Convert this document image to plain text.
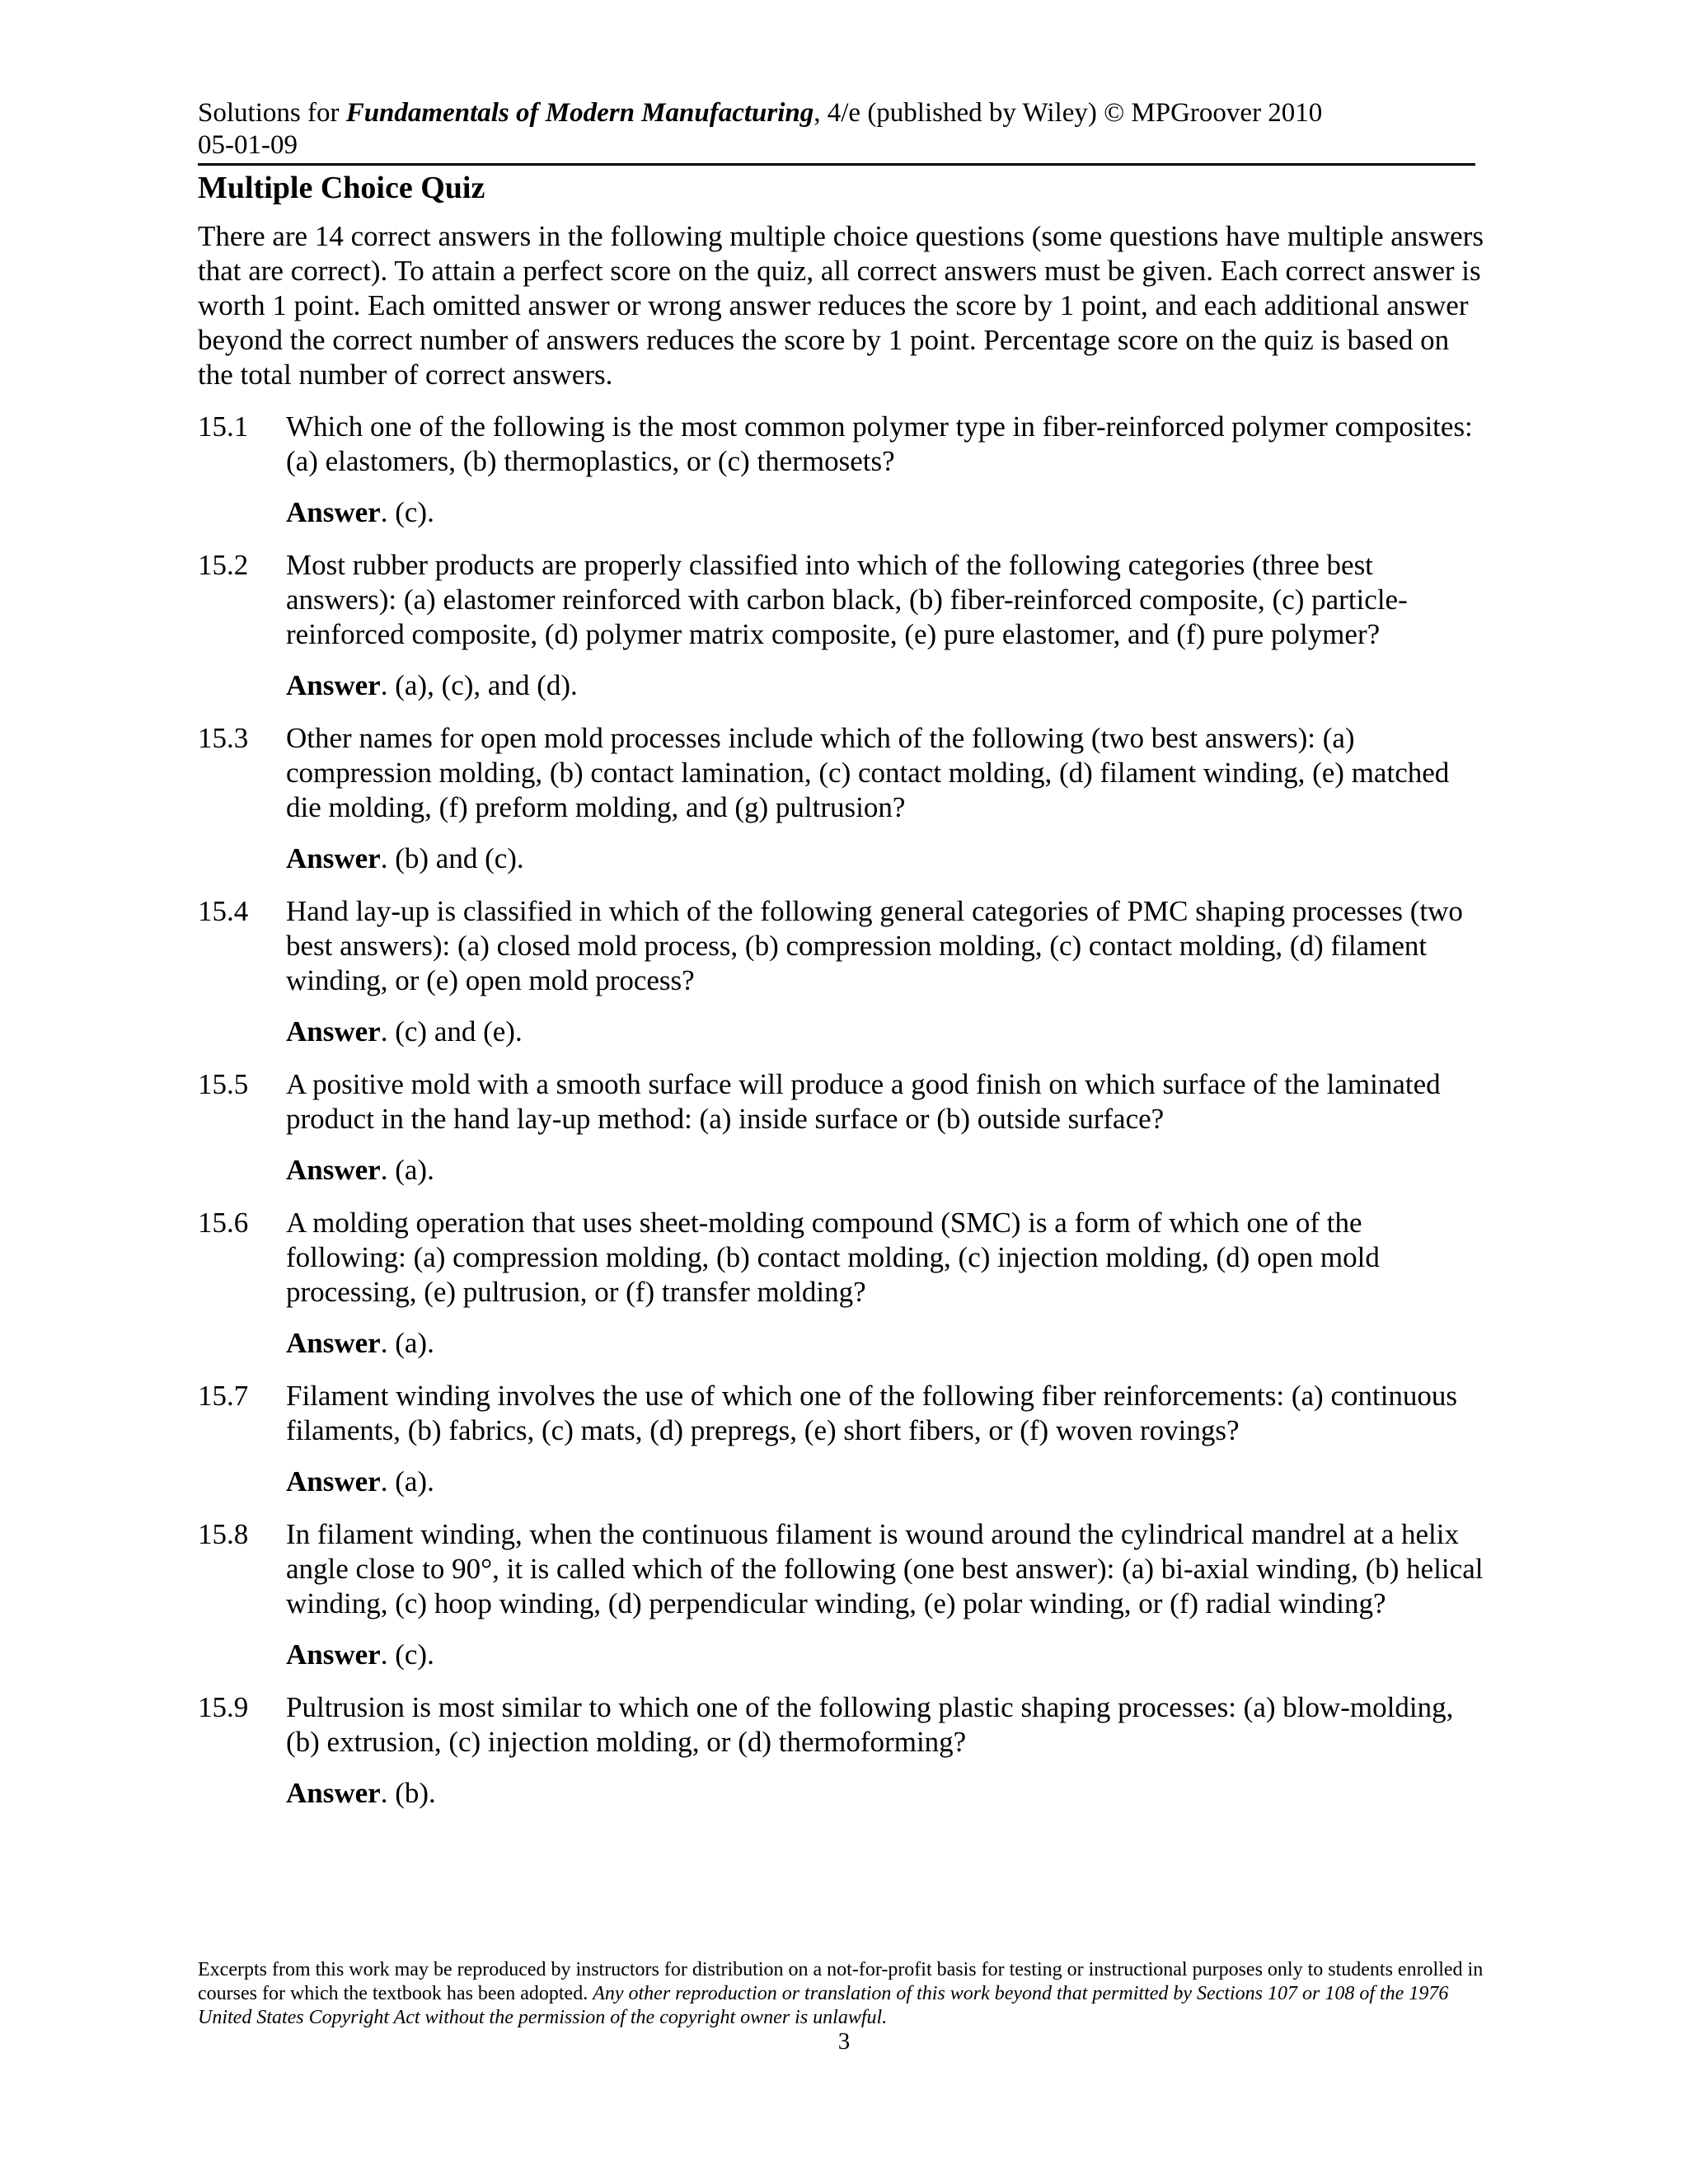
Solutions for Fundamentals of Modern Manufacturing, 4/e (published by Wiley) © MPGroover 2010
05-01-09
Multiple Choice Quiz

There are 14 correct answers in the following multiple choice questions (some questions have multiple answers that are correct). To attain a perfect score on the quiz, all correct answers must be given. Each correct answer is worth 1 point. Each omitted answer or wrong answer reduces the score by 1 point, and each additional answer beyond the correct number of answers reduces the score by 1 point. Percentage score on the quiz is based on the total number of correct answers.

15.1 Which one of the following is the most common polymer type in fiber-reinforced polymer composites: (a) elastomers, (b) thermoplastics, or (c) thermosets?
Answer. (c).
15.2 Most rubber products are properly classified into which of the following categories (three best answers): (a) elastomer reinforced with carbon black, (b) fiber-reinforced composite, (c) particle-reinforced composite, (d) polymer matrix composite, (e) pure elastomer, and (f) pure polymer?
Answer. (a), (c), and (d).
15.3 Other names for open mold processes include which of the following (two best answers): (a) compression molding, (b) contact lamination, (c) contact molding, (d) filament winding, (e) matched die molding, (f) preform molding, and (g) pultrusion?
Answer. (b) and (c).
15.4 Hand lay-up is classified in which of the following general categories of PMC shaping processes (two best answers): (a) closed mold process, (b) compression molding, (c) contact molding, (d) filament winding, or (e) open mold process?
Answer. (c) and (e).
15.5 A positive mold with a smooth surface will produce a good finish on which surface of the laminated product in the hand lay-up method: (a) inside surface or (b) outside surface?
Answer. (a).
15.6 A molding operation that uses sheet-molding compound (SMC) is a form of which one of the following: (a) compression molding, (b) contact molding, (c) injection molding, (d) open mold processing, (e) pultrusion, or (f) transfer molding?
Answer. (a).
15.7 Filament winding involves the use of which one of the following fiber reinforcements: (a) continuous filaments, (b) fabrics, (c) mats, (d) prepregs, (e) short fibers, or (f) woven rovings?
Answer. (a).
15.8 In filament winding, when the continuous filament is wound around the cylindrical mandrel at a helix angle close to 90°, it is called which of the following (one best answer): (a) bi-axial winding, (b) helical winding, (c) hoop winding, (d) perpendicular winding, (e) polar winding, or (f) radial winding?
Answer. (c).
15.9 Pultrusion is most similar to which one of the following plastic shaping processes: (a) blow-molding, (b) extrusion, (c) injection molding, or (d) thermoforming?
Answer. (b).
Excerpts from this work may be reproduced by instructors for distribution on a not-for-profit basis for testing or instructional purposes only to students enrolled in courses for which the textbook has been adopted. Any other reproduction or translation of this work beyond that permitted by Sections 107 or 108 of the 1976 United States Copyright Act without the permission of the copyright owner is unlawful.
3
